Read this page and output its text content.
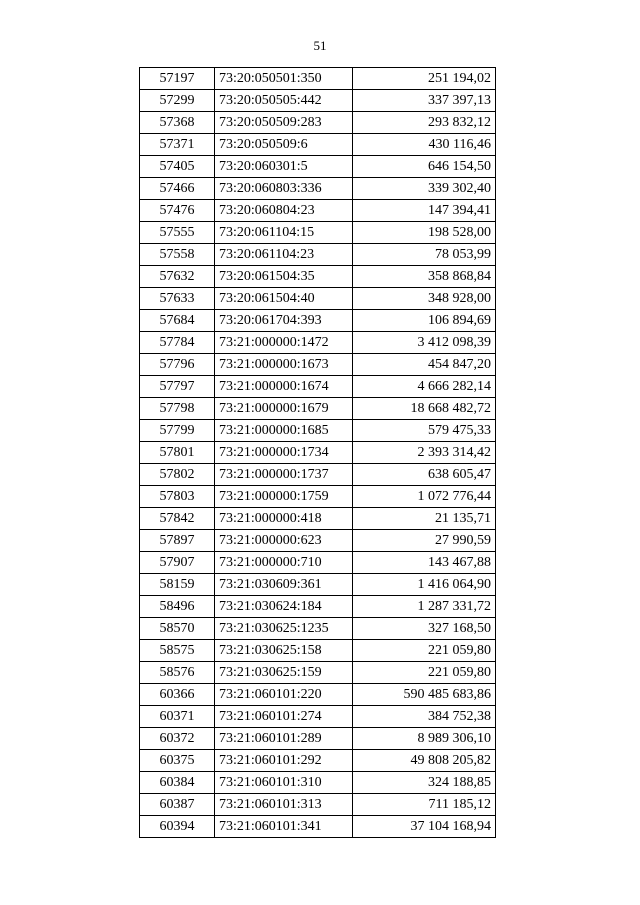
51
57197	73:20:050501:350	251 194,02
57299	73:20:050505:442	337 397,13
57368	73:20:050509:283	293 832,12
57371	73:20:050509:6	430 116,46
57405	73:20:060301:5	646 154,50
57466	73:20:060803:336	339 302,40
57476	73:20:060804:23	147 394,41
57555	73:20:061104:15	198 528,00
57558	73:20:061104:23	78 053,99
57632	73:20:061504:35	358 868,84
57633	73:20:061504:40	348 928,00
57684	73:20:061704:393	106 894,69
57784	73:21:000000:1472	3 412 098,39
57796	73:21:000000:1673	454 847,20
57797	73:21:000000:1674	4 666 282,14
57798	73:21:000000:1679	18 668 482,72
57799	73:21:000000:1685	579 475,33
57801	73:21:000000:1734	2 393 314,42
57802	73:21:000000:1737	638 605,47
57803	73:21:000000:1759	1 072 776,44
57842	73:21:000000:418	21 135,71
57897	73:21:000000:623	27 990,59
57907	73:21:000000:710	143 467,88
58159	73:21:030609:361	1 416 064,90
58496	73:21:030624:184	1 287 331,72
58570	73:21:030625:1235	327 168,50
58575	73:21:030625:158	221 059,80
58576	73:21:030625:159	221 059,80
60366	73:21:060101:220	590 485 683,86
60371	73:21:060101:274	384 752,38
60372	73:21:060101:289	8 989 306,10
60375	73:21:060101:292	49 808 205,82
60384	73:21:060101:310	324 188,85
60387	73:21:060101:313	711 185,12
60394	73:21:060101:341	37 104 168,94
